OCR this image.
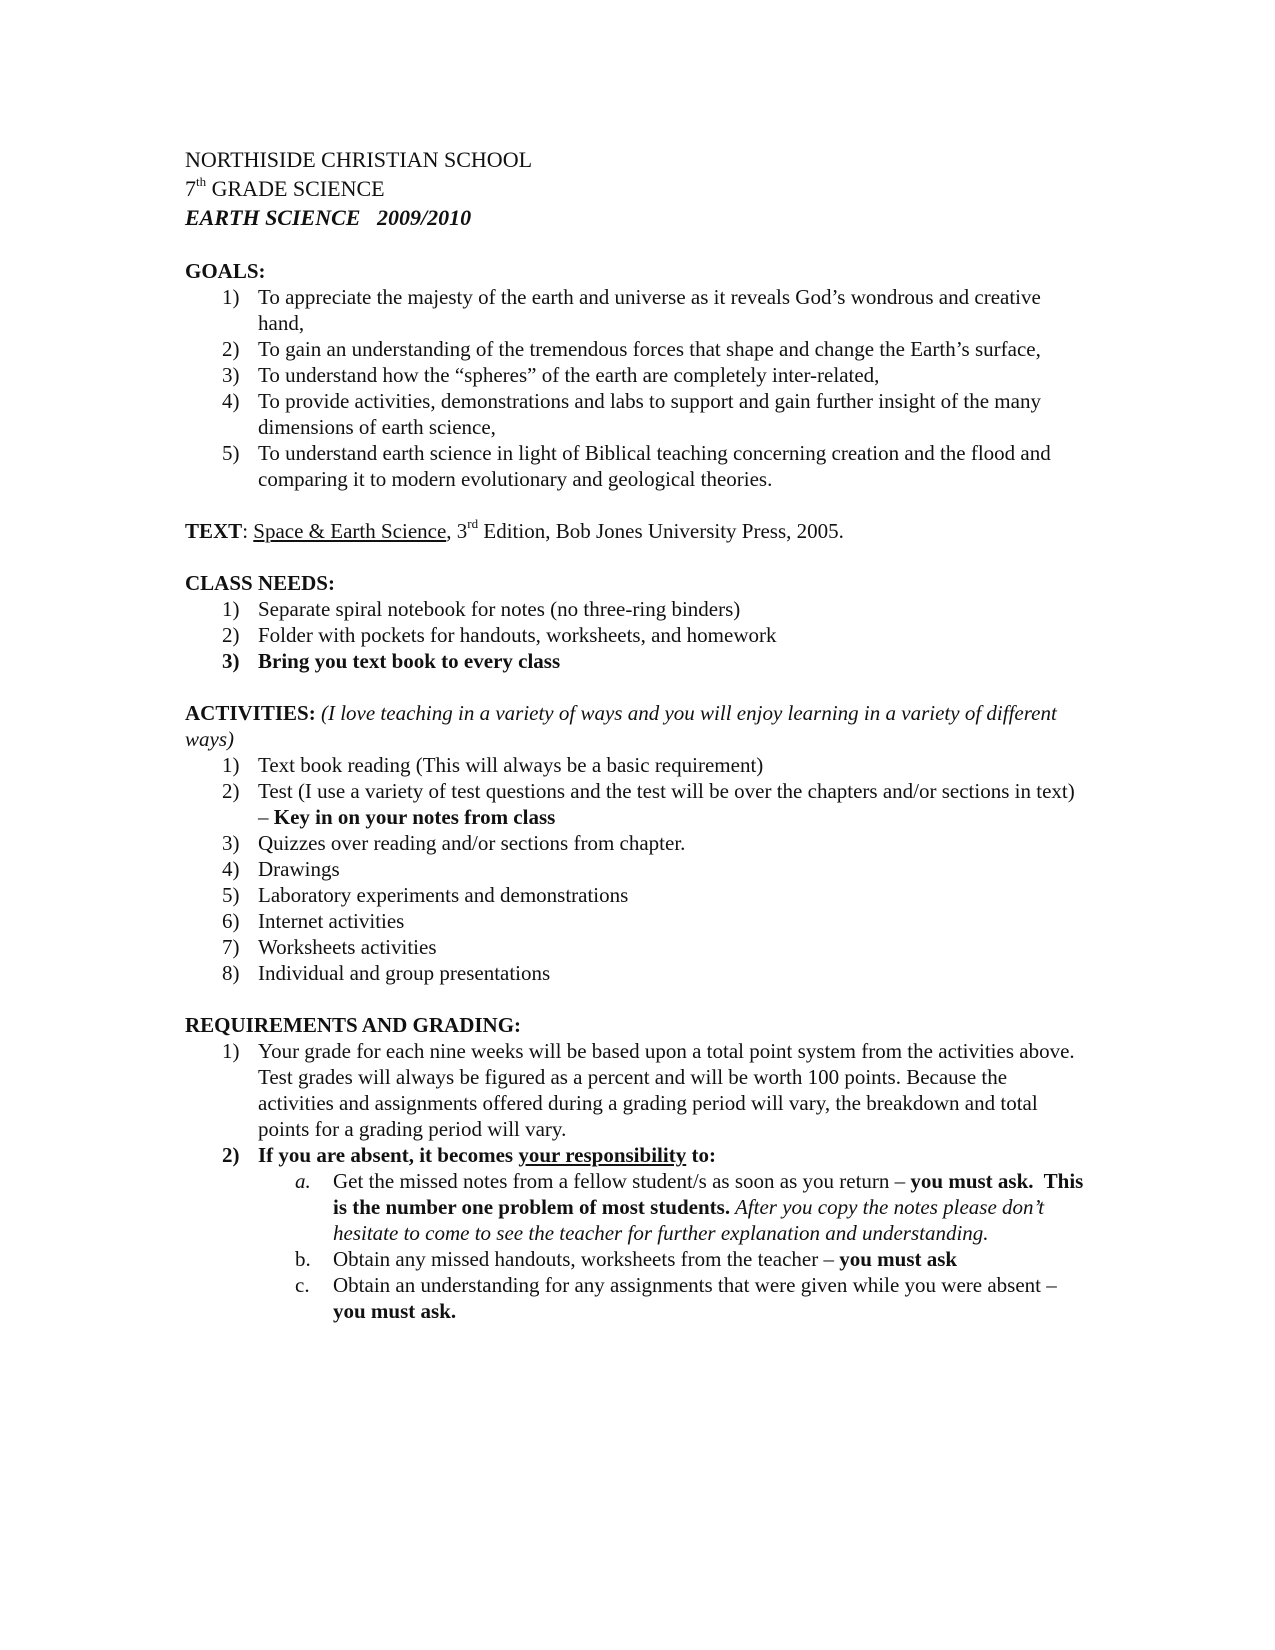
NORTHISIDE CHRISTIAN SCHOOL

7th GRADE SCIENCE

EARTH SCIENCE   2009/2010

GOALS:
1) To appreciate the majesty of the earth and universe as it reveals God’s wondrous and creative hand,
2) To gain an understanding of the tremendous forces that shape and change the Earth’s surface,
3) To understand how the “spheres” of the earth are completely inter-related,
4) To provide activities, demonstrations and labs to support and gain further insight of the many dimensions of earth science,
5) To understand earth science in light of Biblical teaching concerning creation and the flood and comparing it to modern evolutionary and geological theories.
TEXT: Space & Earth Science, 3rd Edition, Bob Jones University Press, 2005.
CLASS NEEDS:
1) Separate spiral notebook for notes (no three-ring binders)
2) Folder with pockets for handouts, worksheets, and homework
3) Bring you text book to every class
ACTIVITIES: (I love teaching in a variety of ways and you will enjoy learning in a variety of different ways)
1) Text book reading (This will always be a basic requirement)
2) Test (I use a variety of test questions and the test will be over the chapters and/or sections in text) – Key in on your notes from class
3) Quizzes over reading and/or sections from chapter.
4) Drawings
5) Laboratory experiments and demonstrations
6) Internet activities
7) Worksheets activities
8) Individual and group presentations
REQUIREMENTS AND GRADING:
1) Your grade for each nine weeks will be based upon a total point system from the activities above.  Test grades will always be figured as a percent and will be worth 100 points. Because the activities and assignments offered during a grading period will vary, the breakdown and total points for a grading period will vary.
2) If you are absent, it becomes your responsibility to:
a. Get the missed notes from a fellow student/s as soon as you return – you must ask.  This is the number one problem of most students. After you copy the notes please don’t hesitate to come to see the teacher for further explanation and understanding.
b. Obtain any missed handouts, worksheets from the teacher – you must ask
c. Obtain an understanding for any assignments that were given while you were absent – you must ask.
